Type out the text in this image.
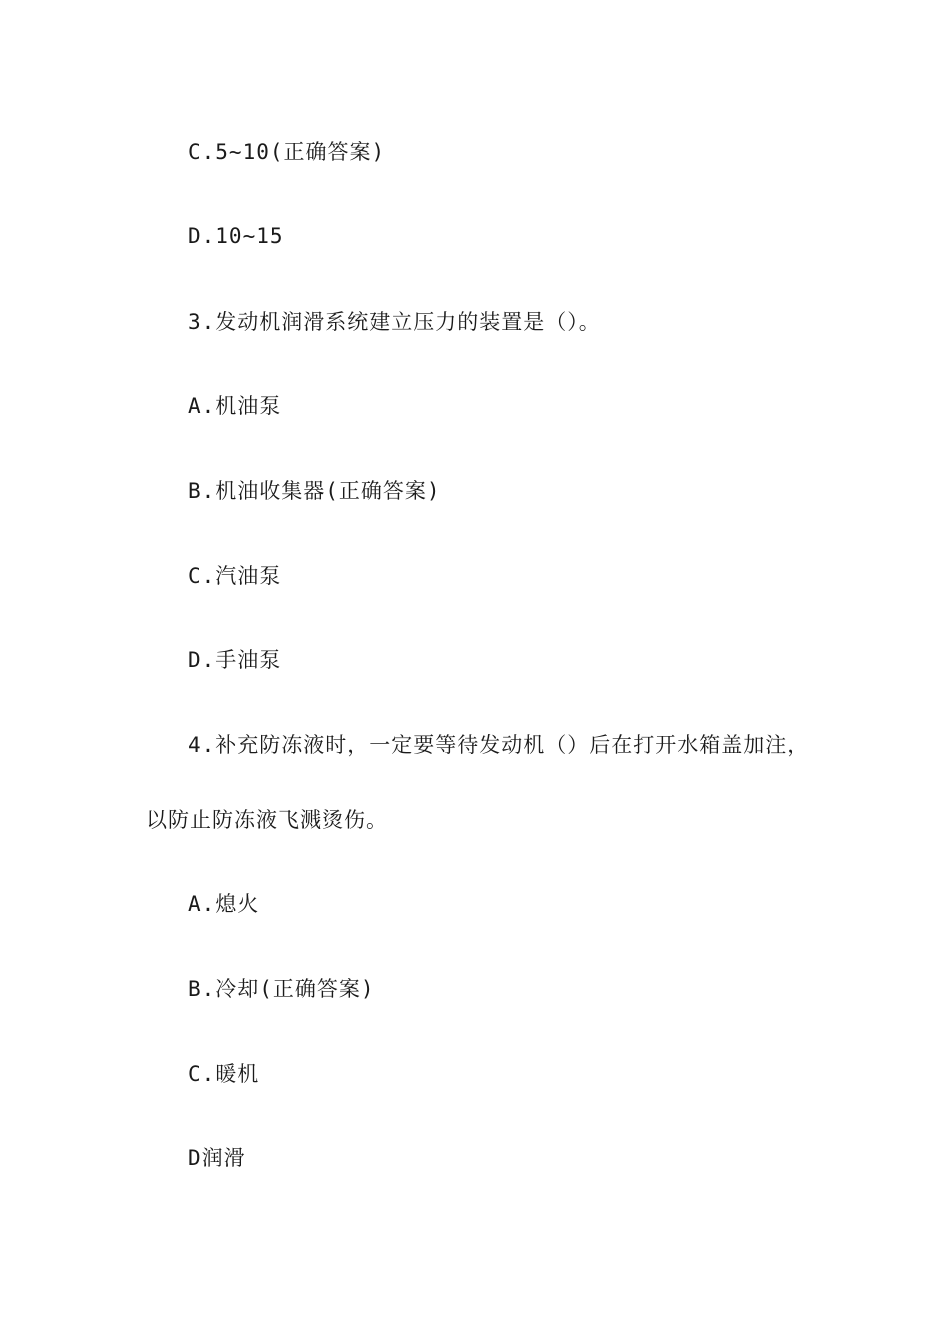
C.5~10(正确答案)
D.10~15
3.发动机润滑系统建立压力的装置是（）。
A.机油泵
B.机油收集器(正确答案)
C.汽油泵
D.手油泵
4.补充防冻液时，一定要等待发动机（）后在打开水箱盖加注，
以防止防冻液飞溅烫伤。
A.熄火
B.冷却(正确答案)
C.暖机
D润滑
